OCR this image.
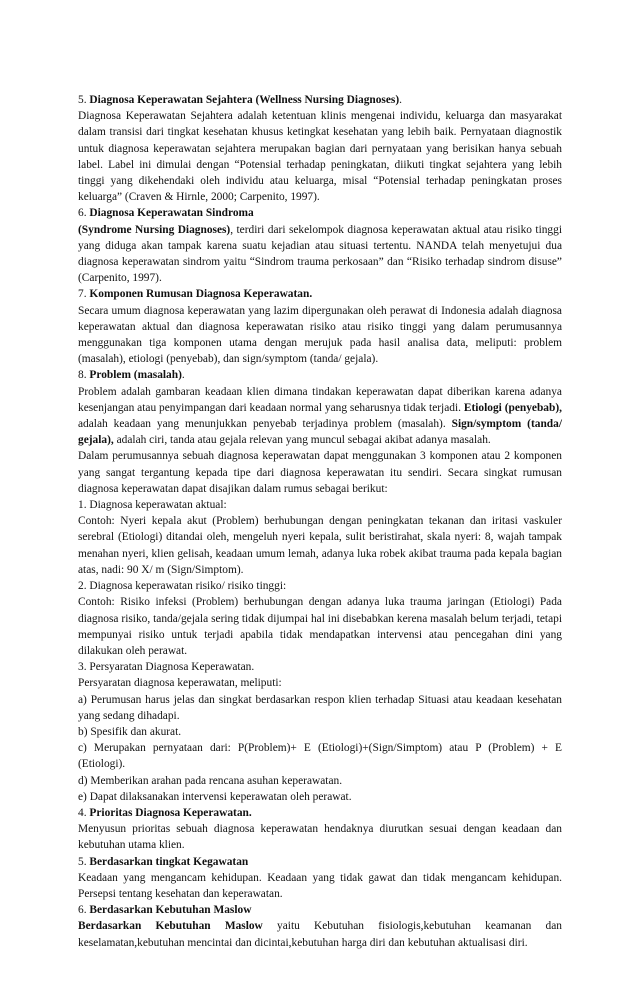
5. Diagnosa Keperawatan Sejahtera (Wellness Nursing Diagnoses).

Diagnosa Keperawatan Sejahtera adalah ketentuan klinis mengenai individu, keluarga dan masyarakat dalam transisi dari tingkat kesehatan khusus ketingkat kesehatan yang lebih baik. Pernyataan diagnostik untuk diagnosa keperawatan sejahtera merupakan bagian dari pernyataan yang berisikan hanya sebuah label. Label ini dimulai dengan “Potensial terhadap peningkatan, diikuti tingkat sejahtera yang lebih tinggi yang dikehendaki oleh individu atau keluarga, misal “Potensial terhadap peningkatan proses keluarga” (Craven & Hirnle, 2000; Carpenito, 1997).

6. Diagnosa Keperawatan Sindroma

(Syndrome Nursing Diagnoses), terdiri dari sekelompok diagnosa keperawatan aktual atau risiko tinggi yang diduga akan tampak karena suatu kejadian atau situasi tertentu. NANDA telah menyetujui dua diagnosa keperawatan sindrom yaitu “Sindrom trauma perkosaan” dan “Risiko terhadap sindrom disuse” (Carpenito, 1997).

7. Komponen Rumusan Diagnosa Keperawatan.

Secara umum diagnosa keperawatan yang lazim dipergunakan oleh perawat di Indonesia adalah diagnosa keperawatan aktual dan diagnosa keperawatan risiko atau risiko tinggi yang dalam perumusannya menggunakan tiga komponen utama dengan merujuk pada hasil analisa data, meliputi: problem (masalah), etiologi (penyebab), dan sign/symptom (tanda/ gejala).

8. Problem (masalah).

Problem adalah gambaran keadaan klien dimana tindakan keperawatan dapat diberikan karena adanya kesenjangan atau penyimpangan dari keadaan normal yang seharusnya tidak terjadi. Etiologi (penyebab), adalah keadaan yang menunjukkan penyebab terjadinya problem (masalah). Sign/symptom (tanda/ gejala), adalah ciri, tanda atau gejala relevan yang muncul sebagai akibat adanya masalah.

Dalam perumusannya sebuah diagnosa keperawatan dapat menggunakan 3 komponen atau 2 komponen yang sangat tergantung kepada tipe dari diagnosa keperawatan itu sendiri. Secara singkat rumusan diagnosa keperawatan dapat disajikan dalam rumus sebagai berikut:

1. Diagnosa keperawatan aktual:

Contoh: Nyeri kepala akut (Problem) berhubungan dengan peningkatan tekanan dan iritasi vaskuler serebral (Etiologi) ditandai oleh, mengeluh nyeri kepala, sulit beristirahat, skala nyeri: 8, wajah tampak menahan nyeri, klien gelisah, keadaan umum lemah, adanya luka robek akibat trauma pada kepala bagian atas, nadi: 90 X/ m (Sign/Simptom).

2. Diagnosa keperawatan risiko/ risiko tinggi:

Contoh: Risiko infeksi (Problem) berhubungan dengan adanya luka trauma jaringan (Etiologi) Pada diagnosa risiko, tanda/gejala sering tidak dijumpai hal ini disebabkan kerena masalah belum terjadi, tetapi mempunyai risiko untuk terjadi apabila tidak mendapatkan intervensi atau pencegahan dini yang dilakukan oleh perawat.

3. Persyaratan Diagnosa Keperawatan.

Persyaratan diagnosa keperawatan, meliputi:

a) Perumusan harus jelas dan singkat berdasarkan respon klien terhadap Situasi atau keadaan kesehatan yang sedang dihadapi.

b) Spesifik dan akurat.

c) Merupakan pernyataan dari: P(Problem)+ E (Etiologi)+(Sign/Simptom) atau P (Problem) + E (Etiologi).

d) Memberikan arahan pada rencana asuhan keperawatan.

e) Dapat dilaksanakan intervensi keperawatan oleh perawat.

4. Prioritas Diagnosa Keperawatan.

Menyusun prioritas sebuah diagnosa keperawatan hendaknya diurutkan sesuai dengan keadaan dan kebutuhan utama klien.

5. Berdasarkan tingkat Kegawatan

Keadaan yang mengancam kehidupan. Keadaan yang tidak gawat dan tidak mengancam kehidupan. Persepsi tentang kesehatan dan keperawatan.

6. Berdasarkan Kebutuhan Maslow

Berdasarkan Kebutuhan Maslow yaitu Kebutuhan fisiologis,kebutuhan keamanan dan keselamatan,kebutuhan mencintai dan dicintai,kebutuhan harga diri dan kebutuhan aktualisasi diri.
